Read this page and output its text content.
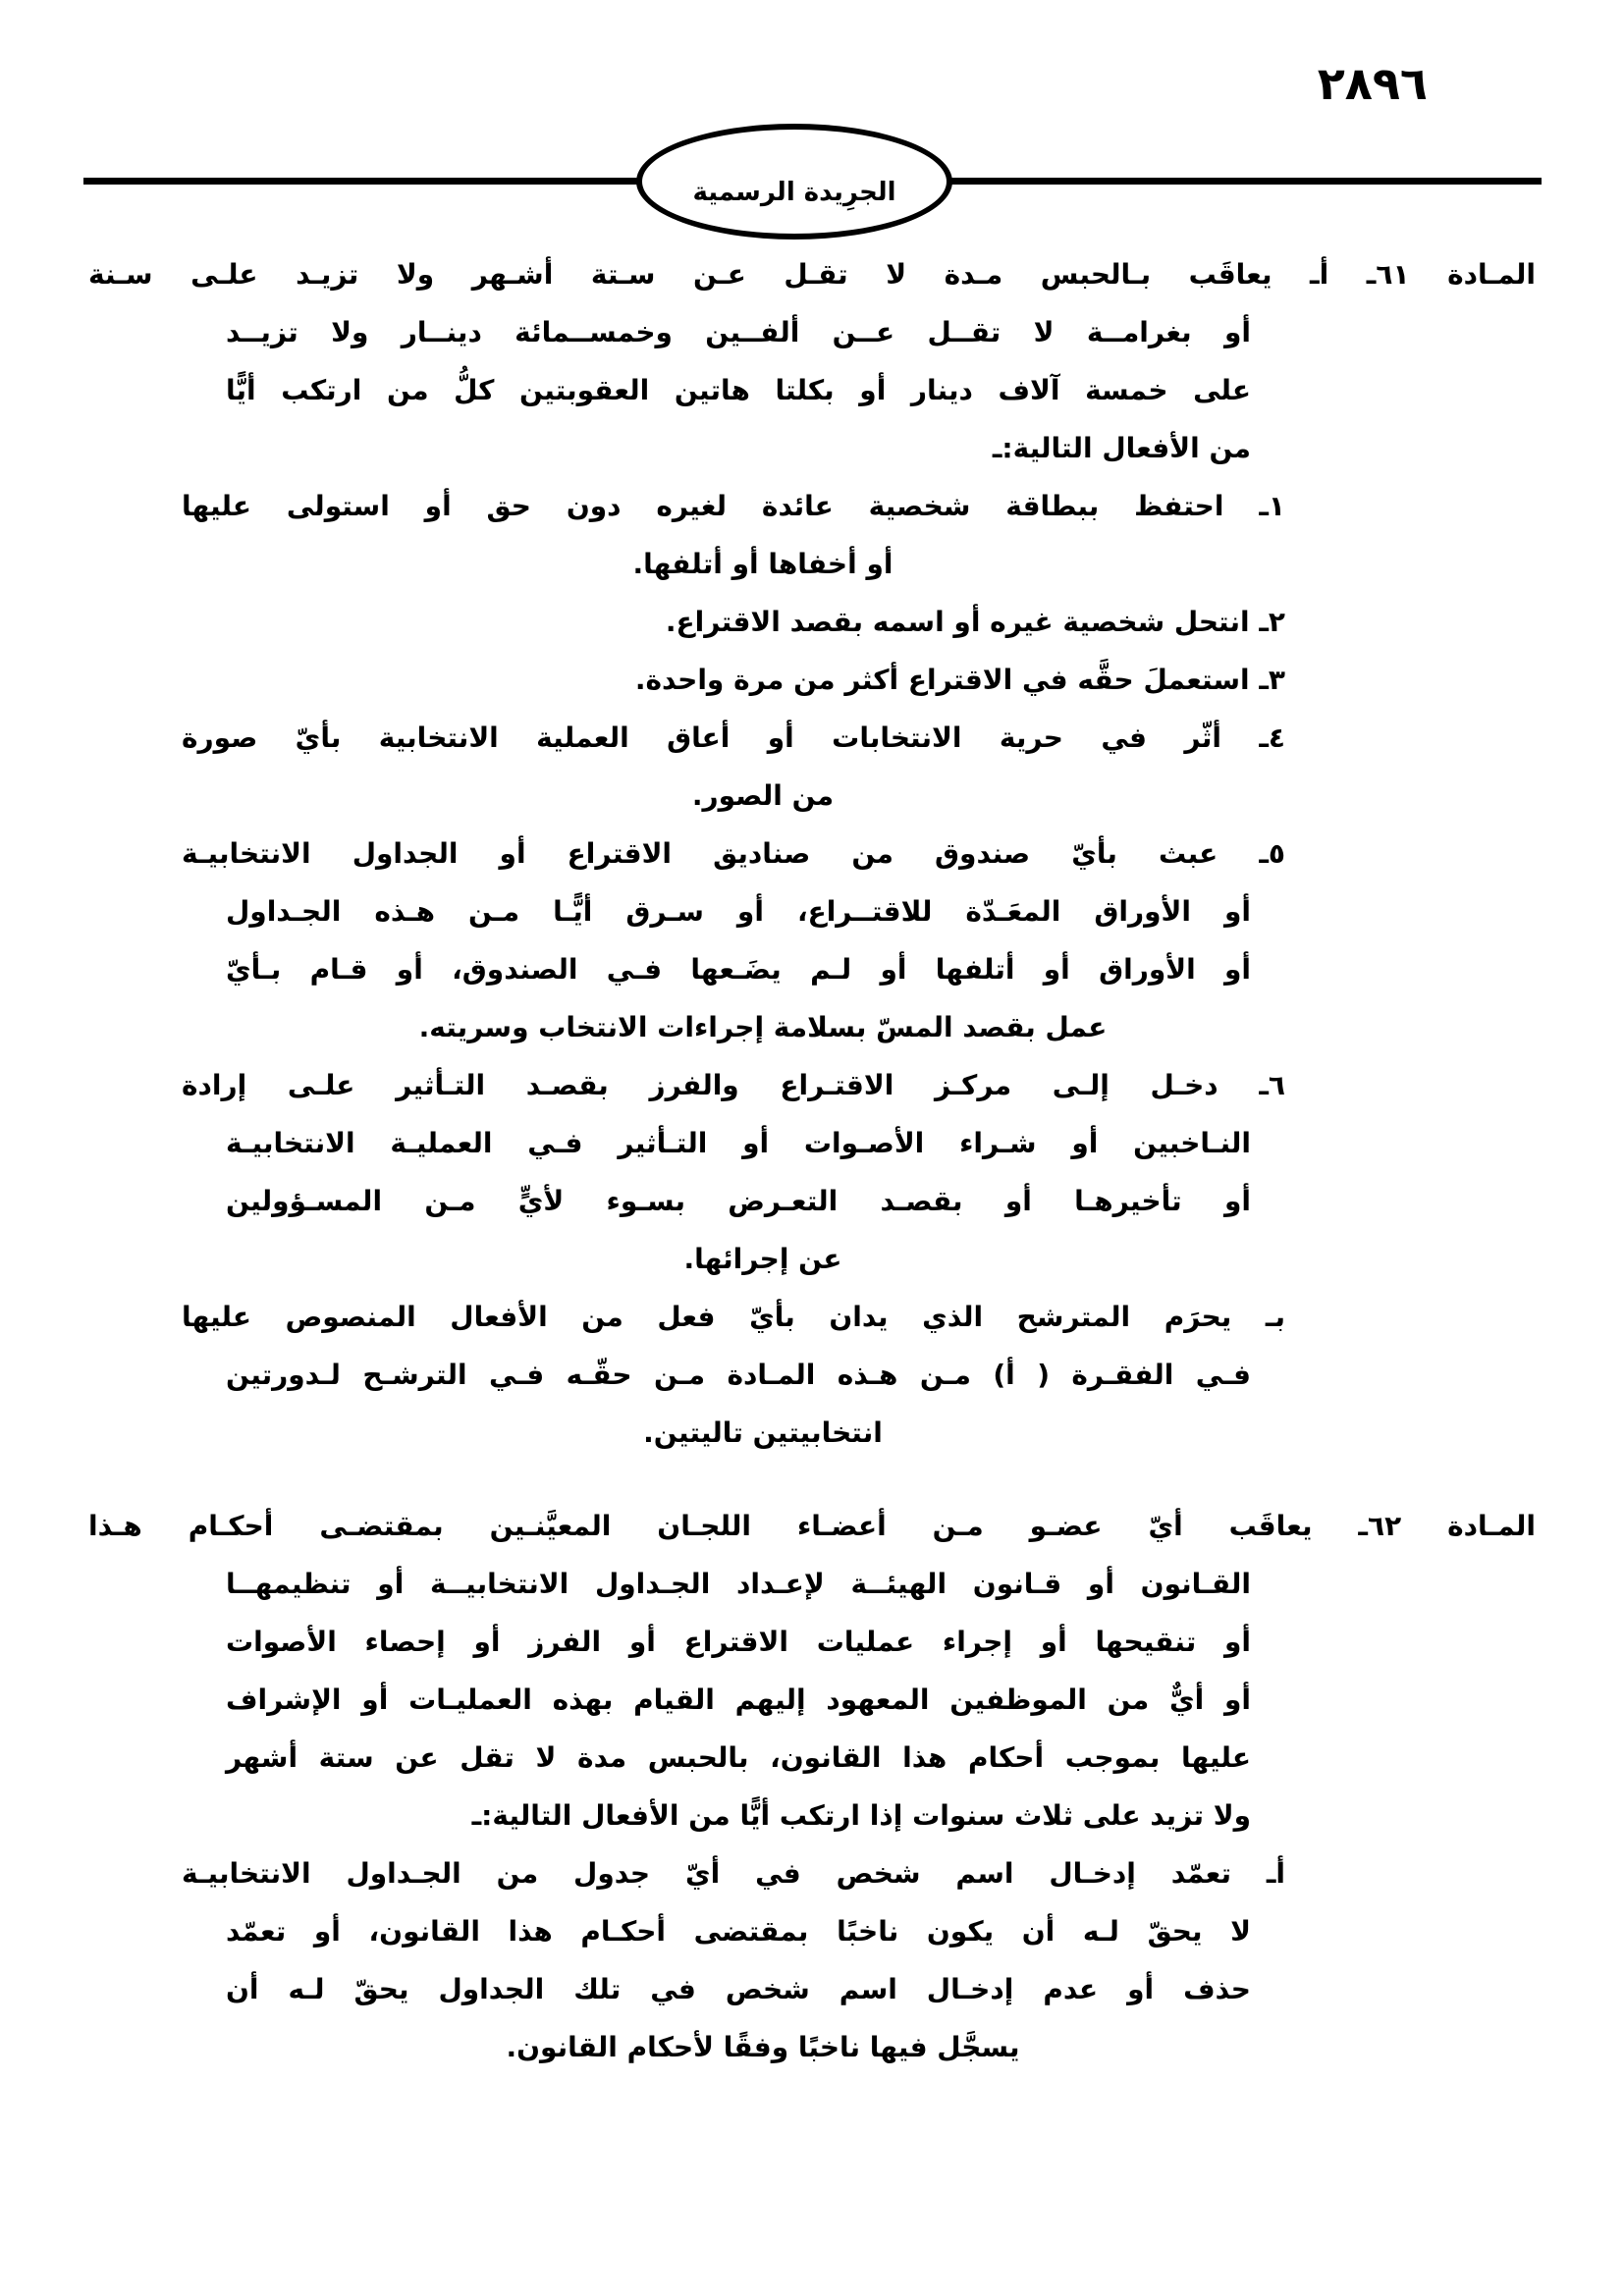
٢٨٩٦
الجرِيدة الرسمية
المـادة ٦١ـ أـ يعاقَب بـالحبس مـدة لا تقـل عـن سـتة أشـهر ولا تزيـد علـى سـنة
أو بغرامــة لا تقــل عــن ألفــين وخمســمائة دينــار ولا تزيــد
على خمسة آلاف دينار أو بكلتا هاتين العقوبتين كلُّ من ارتكب أيًّا
من الأفعال التالية:ـ
١ـ احتفظ ببطاقة شخصية عائدة لغيره دون حق أو استولى عليها
أو أخفاها أو أتلفها.
٢ـ انتحل شخصية غيره أو اسمه بقصد الاقتراع.
٣ـ استعملَ حقَّه في الاقتراع أكثر من مرة واحدة.
٤ـ أثّر في حرية الانتخابات أو أعاق العملية الانتخابية بأيّ صورة
من الصور.
٥ـ عبث بأيّ صندوق من صناديق الاقتراع أو الجداول الانتخابيـة
أو الأوراق المعَـدّة للاقتــراع، أو سـرق أيًّـا مـن هـذه الجـداول
أو الأوراق أو أتلفها أو لـم يضَـعها فـي الصندوق، أو قـام بـأيّ
عمل بقصد المسّ بسلامة إجراءات الانتخاب وسريته.
٦ـ دخـل إلـى مركـز الاقتـراع والفرز بقصـد التـأثير علـى إرادة
النـاخبين أو شـراء الأصـوات أو التـأثير فـي العمليـة الانتخابيـة
أو تأخيرهـا أو بقصـد التعـرض بسـوء لأيٍّ مـن المسـؤولين
عن إجرائها.
بـ يحرَم المترشح الذي يدان بأيّ فعل من الأفعال المنصوص عليها
فـي الفقـرة ( أ) مـن هـذه المـادة مـن حقّـه فـي الترشـح لـدورتين
انتخابيتين تاليتين.
المـادة ٦٢ـ يعاقَب أيّ عضـو مـن أعضـاء اللجـان المعيَّنـين بمقتضـى أحكـام هـذا
القـانون أو قـانون الهيئــة لإعـداد الجـداول الانتخابيــة أو تنظيمهــا
أو تنقيحها أو إجراء عمليات الاقتراع أو الفرز أو إحصاء الأصوات
أو أيٌّ من الموظفين المعهود إليهم القيام بهذه العمليـات أو الإشراف
عليها بموجب أحكام هذا القانون، بالحبس مدة لا تقل عن ستة أشهر
ولا تزيد على ثلاث سنوات إذا ارتكب أيًّا من الأفعال التالية:ـ
أـ تعمّد إدخـال اسم شخص في أيّ جدول من الجـداول الانتخابيـة
لا يحقّ لـه أن يكون ناخبًا بمقتضى أحكـام هذا القانون، أو تعمّد
حذف أو عدم إدخـال اسم شخص في تلك الجداول يحقّ لـه أن
يسجَّل فيها ناخبًا وفقًا لأحكام القانون.
